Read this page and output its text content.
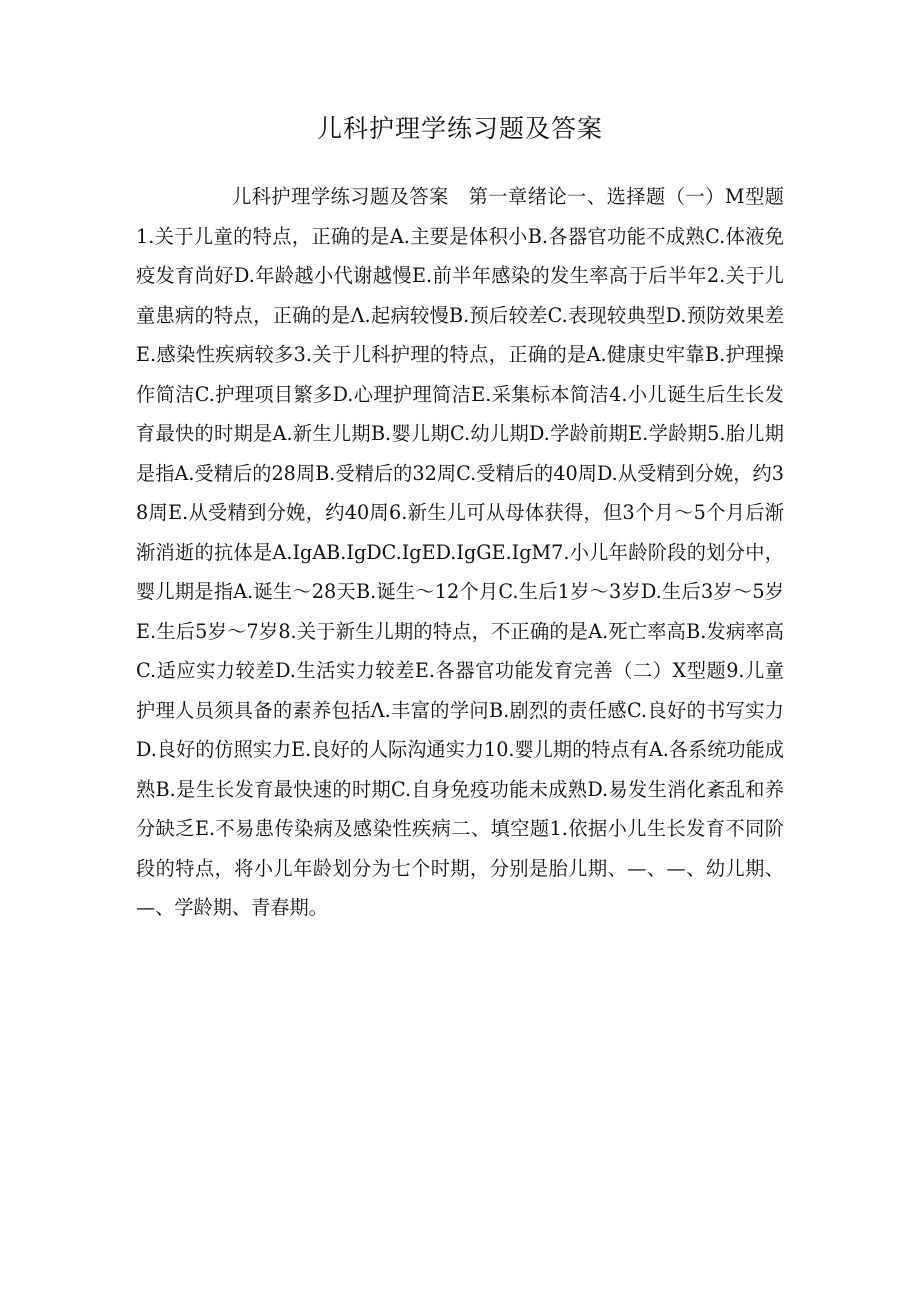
儿科护理学练习题及答案

儿科护理学练习题及答案　第一章绪论一、选择题（一）M型题1.关于儿童的特点，正确的是A.主要是体积小B.各器官功能不成熟C.体液免疫发育尚好D.年龄越小代谢越慢E.前半年感染的发生率高于后半年2.关于儿童患病的特点，正确的是Λ.起病较慢B.预后较差C.表现较典型D.预防效果差E.感染性疾病较多3.关于儿科护理的特点，正确的是A.健康史牢靠B.护理操作简洁C.护理项目繁多D.心理护理简洁E.采集标本简洁4.小儿诞生后生长发育最快的时期是A.新生儿期B.婴儿期C.幼儿期D.学龄前期E.学龄期5.胎儿期是指A.受精后的28周B.受精后的32周C.受精后的40周D.从受精到分娩，约38周E.从受精到分娩，约40周6.新生儿可从母体获得，但3个月～5个月后渐渐消逝的抗体是A.IgAB.IgDC.IgED.IgGE.IgM7.小儿年龄阶段的划分中，婴儿期是指A.诞生～28天B.诞生～12个月C.生后1岁～3岁D.生后3岁～5岁E.生后5岁～7岁8.关于新生儿期的特点，不正确的是A.死亡率高B.发病率高C.适应实力较差D.生活实力较差E.各器官功能发育完善（二）X型题9.儿童护理人员须具备的素养包括Λ.丰富的学问B.剧烈的责任感C.良好的书写实力D.良好的仿照实力E.良好的人际沟通实力10.婴儿期的特点有A.各系统功能成熟B.是生长发育最快速的时期C.自身免疫功能未成熟D.易发生消化紊乱和养分缺乏E.不易患传染病及感染性疾病二、填空题1.依据小儿生长发育不同阶段的特点，将小儿年龄划分为七个时期，分别是胎儿期、—、—、幼儿期、—、学龄期、青春期。
